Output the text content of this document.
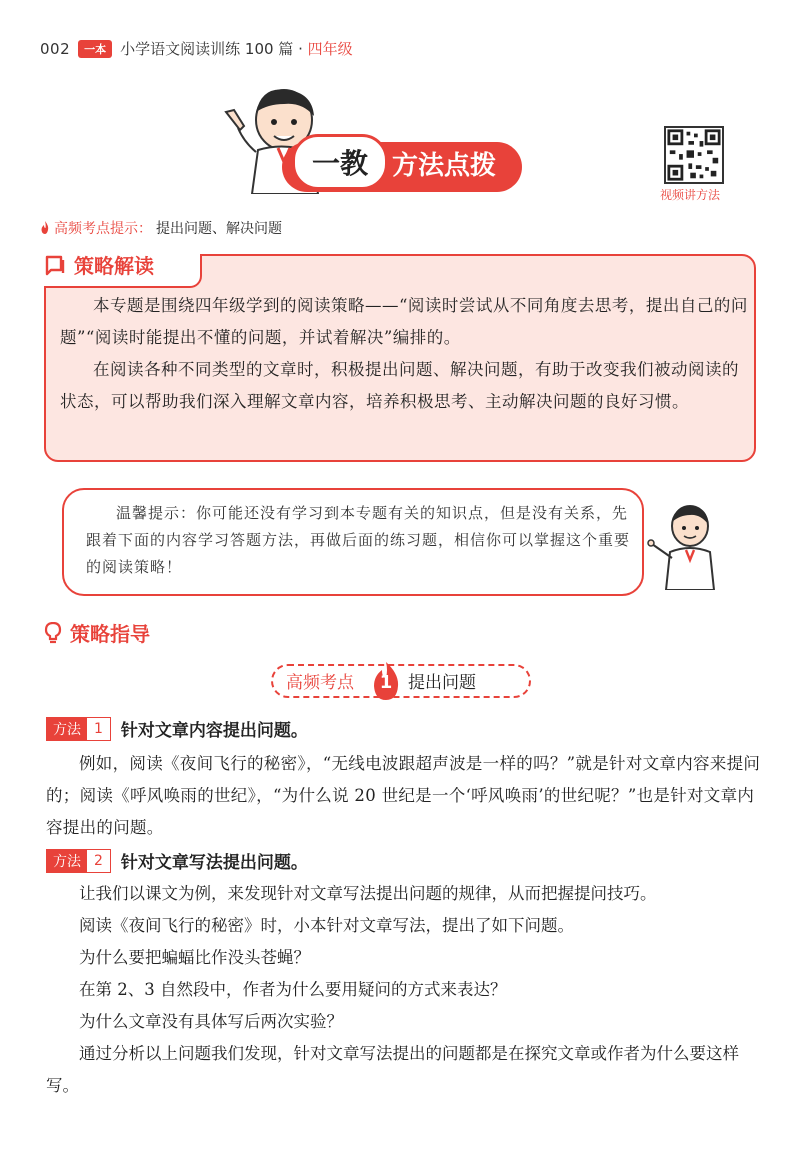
002	一本 小学语文阅读训练 100 篇 · 四年级
一教 方法点拨
视频讲方法
高频考点提示： 提出问题、解决问题
策略解读
本专题是围绕四年级学到的阅读策略——“阅读时尝试从不同角度去思考，提出自己的问题”“阅读时能提出不懂的问题，并试着解决”编排的。
在阅读各种不同类型的文章时，积极提出问题、解决问题，有助于改变我们被动阅读的状态，可以帮助我们深入理解文章内容，培养积极思考、主动解决问题的良好习惯。
温馨提示：你可能还没有学习到本专题有关的知识点，但是没有关系，先跟着下面的内容学习答题方法，再做后面的练习题，相信你可以掌握这个重要的阅读策略！
策略指导
高频考点	1 提出问题
方法 1	针对文章内容提出问题。
例如，阅读《夜间飞行的秘密》，“无线电波跟超声波是一样的吗？”就是针对文章内容来提问的；阅读《呼风唤雨的世纪》，“为什么说 20 世纪是一个‘呼风唤雨’的世纪呢？”也是针对文章内容提出的问题。
方法 2	针对文章写法提出问题。
让我们以课文为例，来发现针对文章写法提出问题的规律，从而把握提问技巧。
阅读《夜间飞行的秘密》时，小本针对文章写法，提出了如下问题。
为什么要把蝙蝠比作没头苍蝇？
在第 2、3 自然段中，作者为什么要用疑问的方式来表达？
为什么文章没有具体写后两次实验？
通过分析以上问题我们发现，针对文章写法提出的问题都是在探究文章或作者为什么要这样写。
